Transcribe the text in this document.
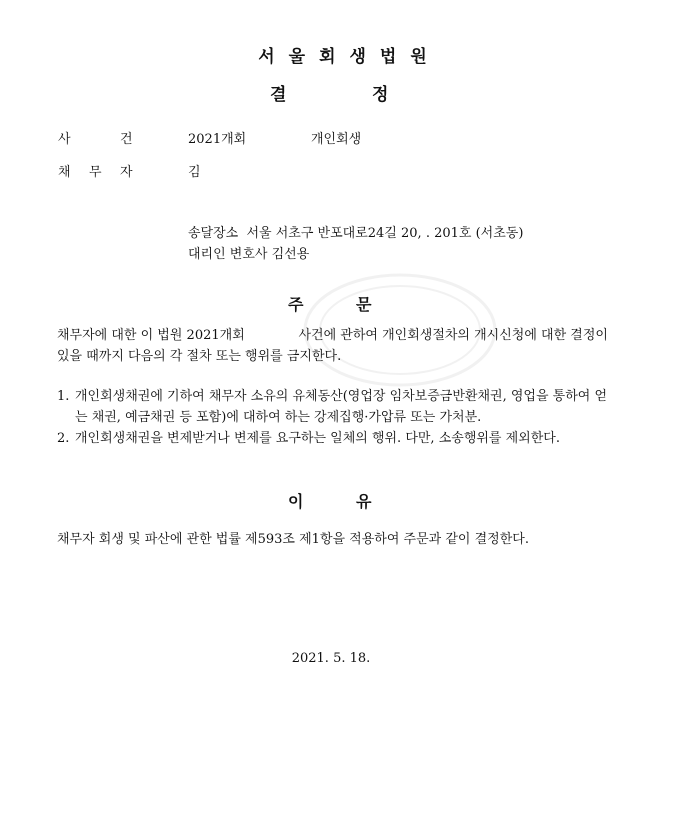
서울회생법원
결	정
사	건	2021개회	개인회생
채 무 자	김
송달장소  서울 서초구 반포대로24길 20, . 201호 (서초동)
대리인 변호사 김선용
주	문
채무자에 대한 이 법원 2021개회             사건에 관하여 개인회생절차의 개시신청에 대한 결정이 있을 때까지 다음의 각 절차 또는 행위를 금지한다.
1. 개인회생채권에 기하여 채무자 소유의 유체동산(영업장 임차보증금반환채권, 영업을 통하여 얻는 채권, 예금채권 등 포함)에 대하여 하는 강제집행·가압류 또는 가처분.
2. 개인회생채권을 변제받거나 변제를 요구하는 일체의 행위. 다만, 소송행위를 제외한다.
이	유
채무자 회생 및 파산에 관한 법률 제593조 제1항을 적용하여 주문과 같이 결정한다.
2021. 5. 18.
